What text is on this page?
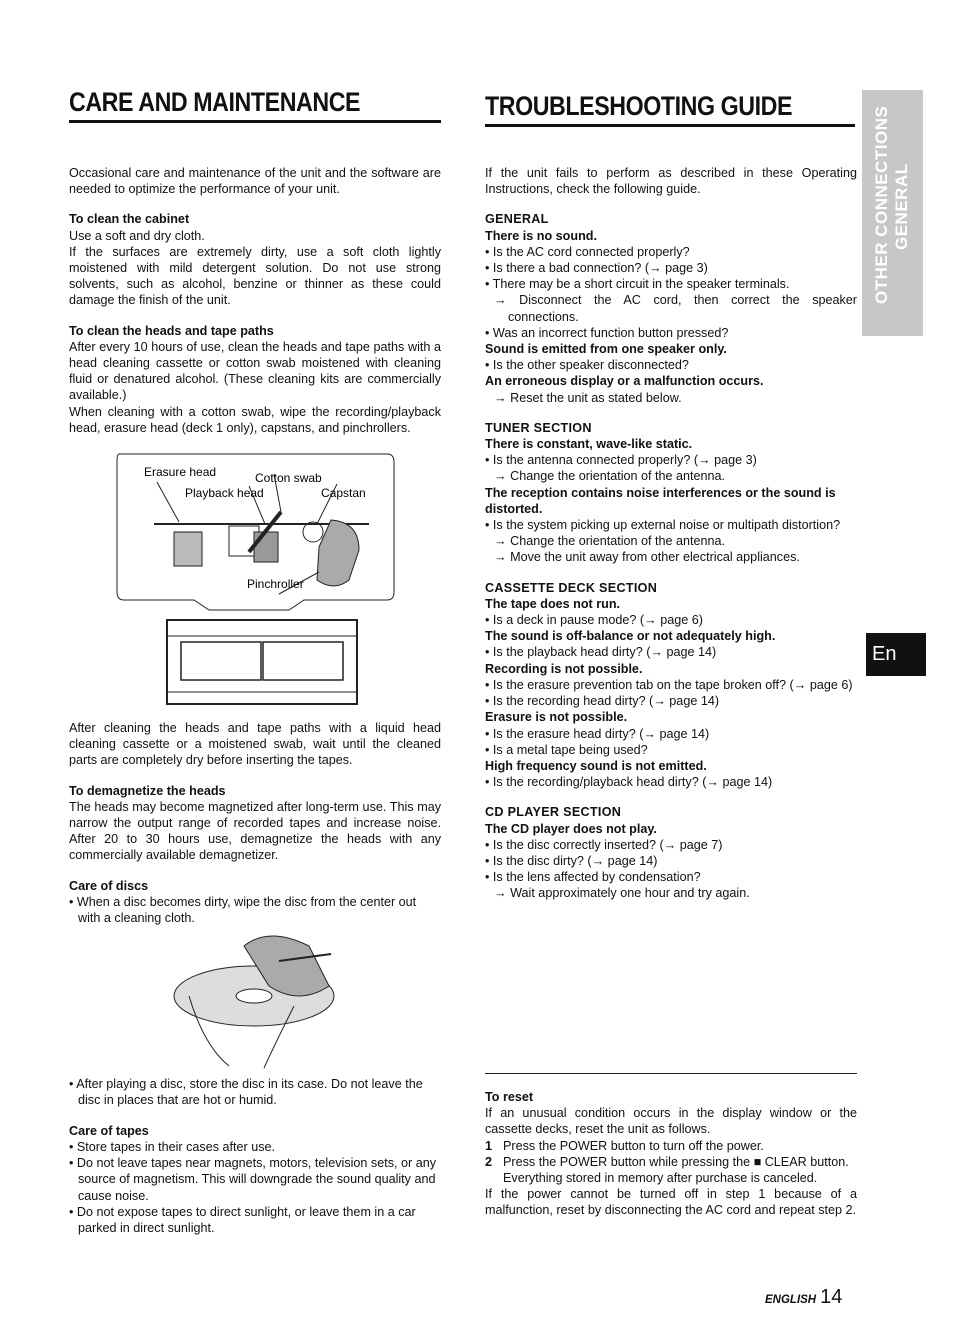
CARE AND MAINTENANCE

Occasional care and maintenance of the unit and the software are needed to optimize the performance of your unit.

To clean the cabinet

Use a soft and dry cloth.

If the surfaces are extremely dirty, use a soft cloth lightly moistened with mild detergent solution. Do not use strong solvents, such as alcohol, benzine or thinner as these could damage the finish of the unit.

To clean the heads and tape paths

After every 10 hours of use, clean the heads and tape paths with a head cleaning cassette or cotton swab moistened with cleaning fluid or denatured alcohol. (These cleaning kits are commercially available.)

When cleaning with a cotton swab, wipe the recording/playback head, erasure head (deck 1 only), capstans, and pinchrollers.

Erasure head	Cotton swab
Playback head	Capstan
Pinchroller

After cleaning the heads and tape paths with a liquid head cleaning cassette or a moistened swab, wait until the cleaned parts are completely dry before inserting the tapes.

To demagnetize the heads

The heads may become magnetized after long-term use. This may narrow the output range of recorded tapes and increase noise. After 20 to 30 hours use, demagnetize the heads with any commercially available demagnetizer.

Care of discs

• When a disc becomes dirty, wipe the disc from the center out with a cleaning cloth.

• After playing a disc, store the disc in its case. Do not leave the disc in places that are hot or humid.

Care of tapes

• Store tapes in their cases after use.

• Do not leave tapes near magnets, motors, television sets, or any source of magnetism. This will downgrade the sound quality and cause noise.

• Do not expose tapes to direct sunlight, or leave them in a car parked in direct sunlight.

TROUBLESHOOTING GUIDE

If the unit fails to perform as described in these Operating Instructions, check the following guide.

GENERAL

There is no sound.

• Is the AC cord connected properly?

• Is there a bad connection? (→ page 3)

• There may be a short circuit in the speaker terminals.

→ Disconnect the AC cord, then correct the speaker connections.

• Was an incorrect function button pressed?

Sound is emitted from one speaker only.

• Is the other speaker disconnected?

An erroneous display or a malfunction occurs.

→ Reset the unit as stated below.

TUNER SECTION

There is constant, wave-like static.

• Is the antenna connected properly? (→ page 3)

→ Change the orientation of the antenna.

The reception contains noise interferences or the sound is distorted.

• Is the system picking up external noise or multipath distortion?

→ Change the orientation of the antenna.

→ Move the unit away from other electrical appliances.

CASSETTE DECK SECTION

The tape does not run.

• Is a deck in pause mode? (→ page 6)

The sound is off-balance or not adequately high.

• Is the playback head dirty? (→ page 14)

Recording is not possible.

• Is the erasure prevention tab on the tape broken off? (→ page 6)

• Is the recording head dirty? (→ page 14)

Erasure is not possible.

• Is the erasure head dirty? (→ page 14)

• Is a metal tape being used?

High frequency sound is not emitted.

• Is the recording/playback head dirty? (→ page 14)

CD PLAYER SECTION

The CD player does not play.

• Is the disc correctly inserted? (→ page 7)

• Is the disc dirty? (→ page 14)

• Is the lens affected by condensation?

→ Wait approximately one hour and try again.

To reset

If an unusual condition occurs in the display window or the cassette decks, reset the unit as follows.

1 Press the POWER button to turn off the power.

2 Press the POWER button while pressing the ■ CLEAR button. Everything stored in memory after purchase is canceled.

If the power cannot be turned off in step 1 because of a malfunction, reset by disconnecting the AC cord and repeat step 2.

OTHER CONNECTIONS GENERAL
En
ENGLISH 14
